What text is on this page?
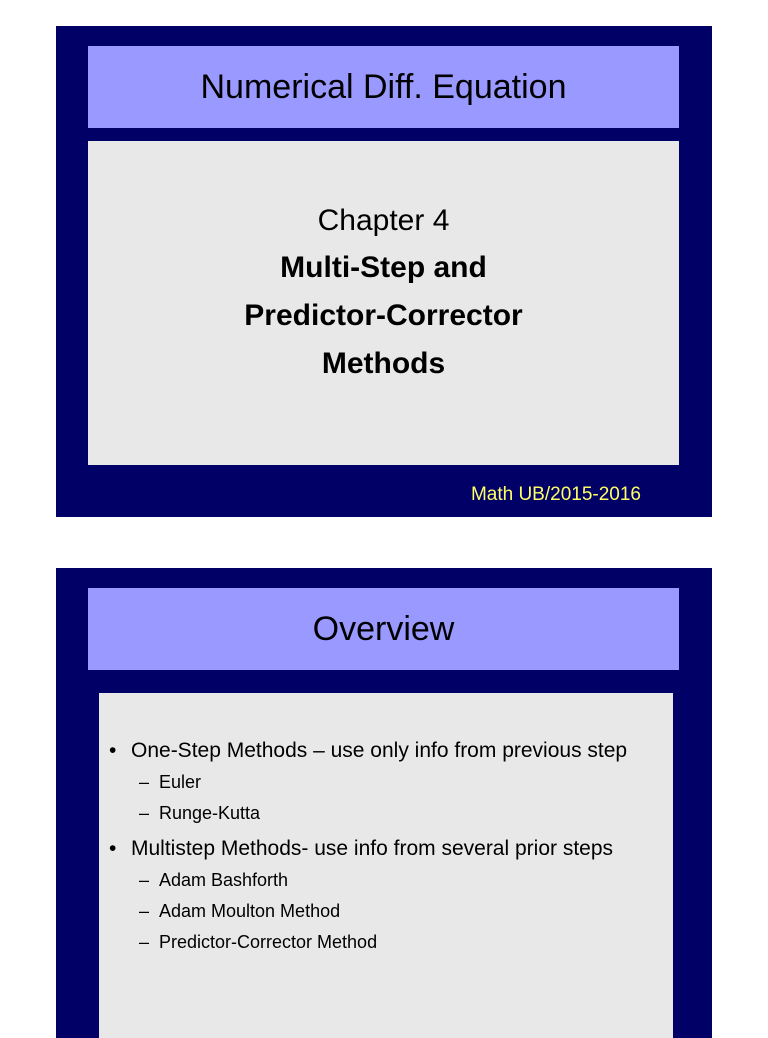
Numerical Diff. Equation
Chapter 4
Multi-Step and
Predictor-Corrector
Methods
Math UB/2015-2016
Overview
• One-Step Methods – use only info from previous step
– Euler
– Runge-Kutta
• Multistep Methods- use info from several prior steps
– Adam Bashforth
– Adam Moulton Method
– Predictor-Corrector Method
